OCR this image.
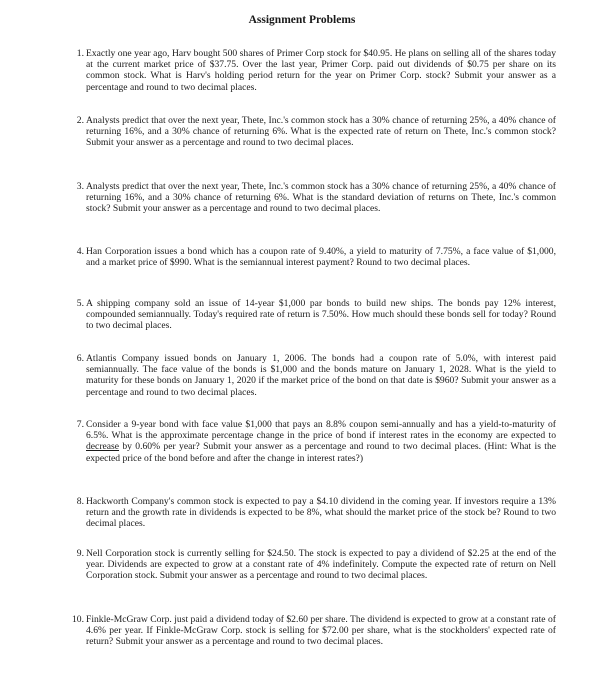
Assignment Problems
1. Exactly one year ago, Harv bought 500 shares of Primer Corp stock for $40.95. He plans on selling all of the shares today at the current market price of $37.75. Over the last year, Primer Corp. paid out dividends of $0.75 per share on its common stock. What is Harv's holding period return for the year on Primer Corp. stock? Submit your answer as a percentage and round to two decimal places.
2. Analysts predict that over the next year, Thete, Inc.'s common stock has a 30% chance of returning 25%, a 40% chance of returning 16%, and a 30% chance of returning 6%. What is the expected rate of return on Thete, Inc.'s common stock? Submit your answer as a percentage and round to two decimal places.
3. Analysts predict that over the next year, Thete, Inc.'s common stock has a 30% chance of returning 25%, a 40% chance of returning 16%, and a 30% chance of returning 6%. What is the standard deviation of returns on Thete, Inc.'s common stock? Submit your answer as a percentage and round to two decimal places.
4. Han Corporation issues a bond which has a coupon rate of 9.40%, a yield to maturity of 7.75%, a face value of $1,000, and a market price of $990. What is the semiannual interest payment? Round to two decimal places.
5. A shipping company sold an issue of 14-year $1,000 par bonds to build new ships. The bonds pay 12% interest, compounded semiannually. Today's required rate of return is 7.50%. How much should these bonds sell for today? Round to two decimal places.
6. Atlantis Company issued bonds on January 1, 2006. The bonds had a coupon rate of 5.0%, with interest paid semiannually. The face value of the bonds is $1,000 and the bonds mature on January 1, 2028. What is the yield to maturity for these bonds on January 1, 2020 if the market price of the bond on that date is $960? Submit your answer as a percentage and round to two decimal places.
7. Consider a 9-year bond with face value $1,000 that pays an 8.8% coupon semi-annually and has a yield-to-maturity of 6.5%. What is the approximate percentage change in the price of bond if interest rates in the economy are expected to decrease by 0.60% per year? Submit your answer as a percentage and round to two decimal places. (Hint: What is the expected price of the bond before and after the change in interest rates?)
8. Hackworth Company's common stock is expected to pay a $4.10 dividend in the coming year. If investors require a 13% return and the growth rate in dividends is expected to be 8%, what should the market price of the stock be? Round to two decimal places.
9. Nell Corporation stock is currently selling for $24.50. The stock is expected to pay a dividend of $2.25 at the end of the year. Dividends are expected to grow at a constant rate of 4% indefinitely. Compute the expected rate of return on Nell Corporation stock. Submit your answer as a percentage and round to two decimal places.
10. Finkle-McGraw Corp. just paid a dividend today of $2.60 per share. The dividend is expected to grow at a constant rate of 4.6% per year. If Finkle-McGraw Corp. stock is selling for $72.00 per share, what is the stockholders' expected rate of return? Submit your answer as a percentage and round to two decimal places.
